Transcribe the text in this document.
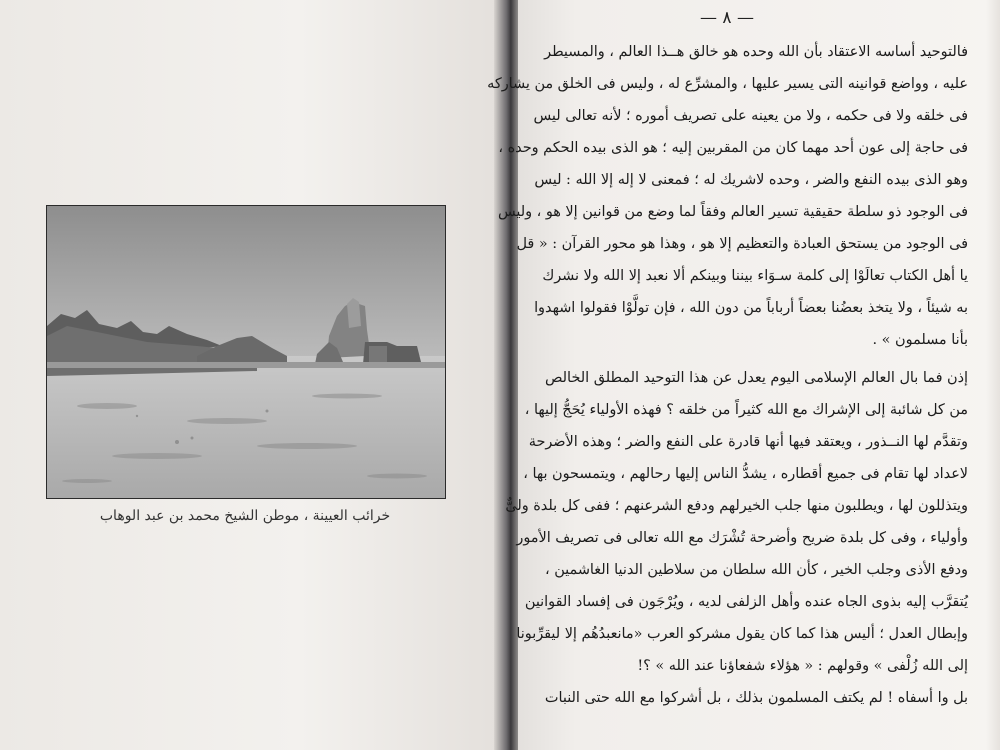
خرائب العيينة ، موطن الشيخ محمد بن عبد الوهاب
— ٨ —
فالتوحيد أساسه الاعتقاد بأن الله وحده هو خالق هــذا العالم ، والمسيطر
عليه ، وواضع قوانينه التى يسير عليها ، والمشرِّع له ، وليس فى الخلق من يشاركه
فى خلقه ولا فى حكمه ، ولا من يعينه على تصريف أموره ؛ لأنه تعالى ليس
فى حاجة إلى عون أحد مهما كان من المقربين إليه ؛ هو الذى بيده الحكم وحده ،
وهو الذى بيده النفع والضر ، وحده لاشريك له ؛ فمعنى لا إله إلا الله : ليس
فى الوجود ذو سلطة حقيقية تسير العالم وفقاً لما وضع من قوانين إلا هو ، وليس
فى الوجود من يستحق العبادة والتعظيم إلا هو ، وهذا هو محور القرآن : « قل
يا أهل الكتاب تعالَوْا إلى كلمة سـوَاء بيننا وبينكم ألا نعبد إلا الله ولا نشرك
به شيئاً ، ولا يتخذ بعضُنا بعضاً أرباباً من دون الله ، فإن تولَّوْا فقولوا اشهدوا
بأنا مسلمون » .
إذن فما بال العالم الإسلامى اليوم يعدل عن هذا التوحيد المطلق الخالص
من كل شائبة إلى الإشراك مع الله كثيراً من خلقه ؟ فهذه الأولياء يُحَجُّ إليها ،
وتقدَّم لها النــذور ، ويعتقد فيها أنها قادرة على النفع والضر ؛ وهذه الأضرحة
لاعداد لها تقام فى جميع أقطاره ، يشدُّ الناس إليها رحالهم ، ويتمسحون بها ،
ويتذللون لها ، ويطلبون منها جلب الخيرلهم ودفع الشرعنهم ؛ ففى كل بلدة ولىٌّ
وأولياء ، وفى كل بلدة ضريح وأضرحة تُشْرَك مع الله تعالى فى تصريف الأمور
ودفع الأذى وجلب الخير ، كأن الله سلطان من سلاطين الدنيا الغاشمين ،
يُتقرَّب إليه بذوى الجاه عنده وأهل الزلفى لديه ، ويُرْجَون فى إفساد القوانين
وإبطال العدل ؛ أليس هذا كما كان يقول مشركو العرب «مانعبدُهُم إلا ليقرِّبونا
إلى الله زُلْفى » وقولهم : « هؤلاء شفعاؤنا عند الله » ؟!
بل وا أسفاه ! لم يكتف المسلمون بذلك ، بل أشركوا مع الله حتى النبات
